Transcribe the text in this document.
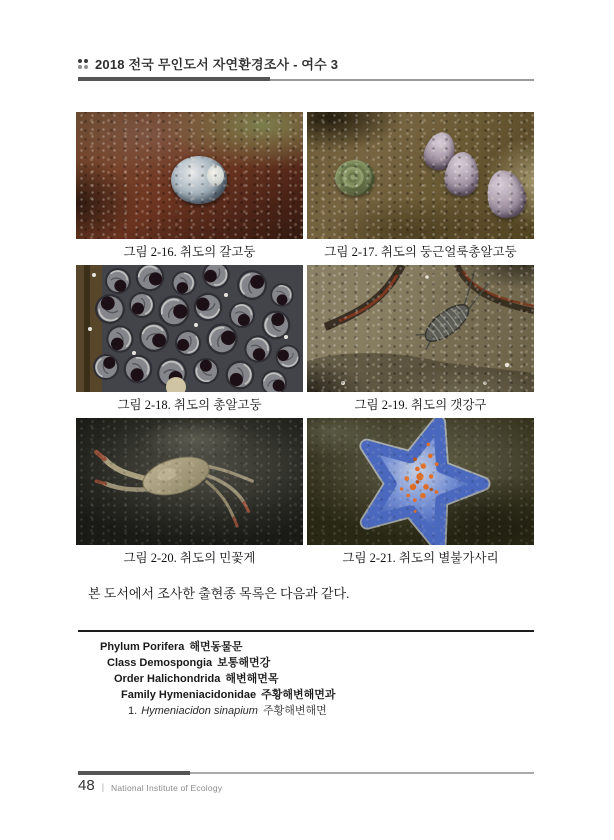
2018 전국 무인도서 자연환경조사 - 여수 3
그림 2-16. 취도의 갈고둥	그림 2-17. 취도의 둥근얼룩총알고둥
그림 2-18. 취도의 총알고둥	그림 2-19. 취도의 갯강구
그림 2-20. 취도의 민꽃게	그림 2-21. 취도의 별불가사리

본 도서에서 조사한 출현종 목록은 다음과 같다.

Phylum Porifera 해면동물문
Class Demospongia 보통해면강
Order Halichondrida 해변해면목
Family Hymeniacidonidae 주황해변해면과
1. Hymeniacidon sinapium 주황해변해면
48 | National Institute of Ecology
